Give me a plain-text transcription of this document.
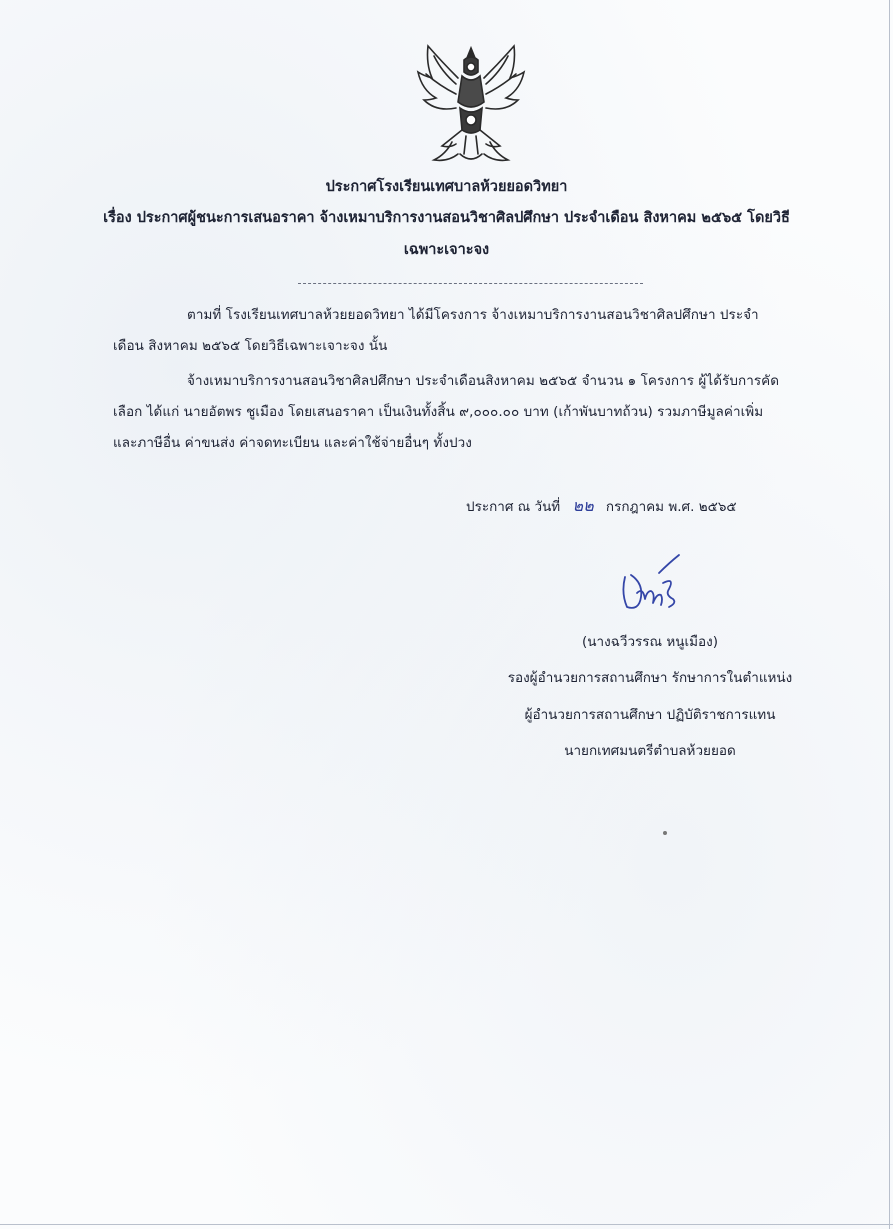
ประกาศโรงเรียนเทศบาลห้วยยอดวิทยา
เรื่อง ประกาศผู้ชนะการเสนอราคา จ้างเหมาบริการงานสอนวิชาศิลปศึกษา ประจำเดือน สิงหาคม ๒๕๖๕ โดยวิธี
เฉพาะเจาะจง
ตามที่ โรงเรียนเทศบาลห้วยยอดวิทยา ได้มีโครงการ จ้างเหมาบริการงานสอนวิชาศิลปศึกษา ประจำ
เดือน สิงหาคม ๒๕๖๕ โดยวิธีเฉพาะเจาะจง นั้น
จ้างเหมาบริการงานสอนวิชาศิลปศึกษา ประจำเดือนสิงหาคม ๒๕๖๕ จำนวน ๑ โครงการ ผู้ได้รับการคัด
เลือก ได้แก่ นายอัตพร ชูเมือง โดยเสนอราคา เป็นเงินทั้งสิ้น ๙,๐๐๐.๐๐ บาท (เก้าพันบาทถ้วน) รวมภาษีมูลค่าเพิ่ม
และภาษีอื่น ค่าขนส่ง ค่าจดทะเบียน และค่าใช้จ่ายอื่นๆ ทั้งปวง
ประกาศ ณ วันที่ ๒๒ กรกฎาคม พ.ศ. ๒๕๖๕
(นางฉวีวรรณ หนูเมือง)
รองผู้อำนวยการสถานศึกษา รักษาการในตำแหน่ง
ผู้อำนวยการสถานศึกษา ปฏิบัติราชการแทน
นายกเทศมนตรีตำบลห้วยยอด
